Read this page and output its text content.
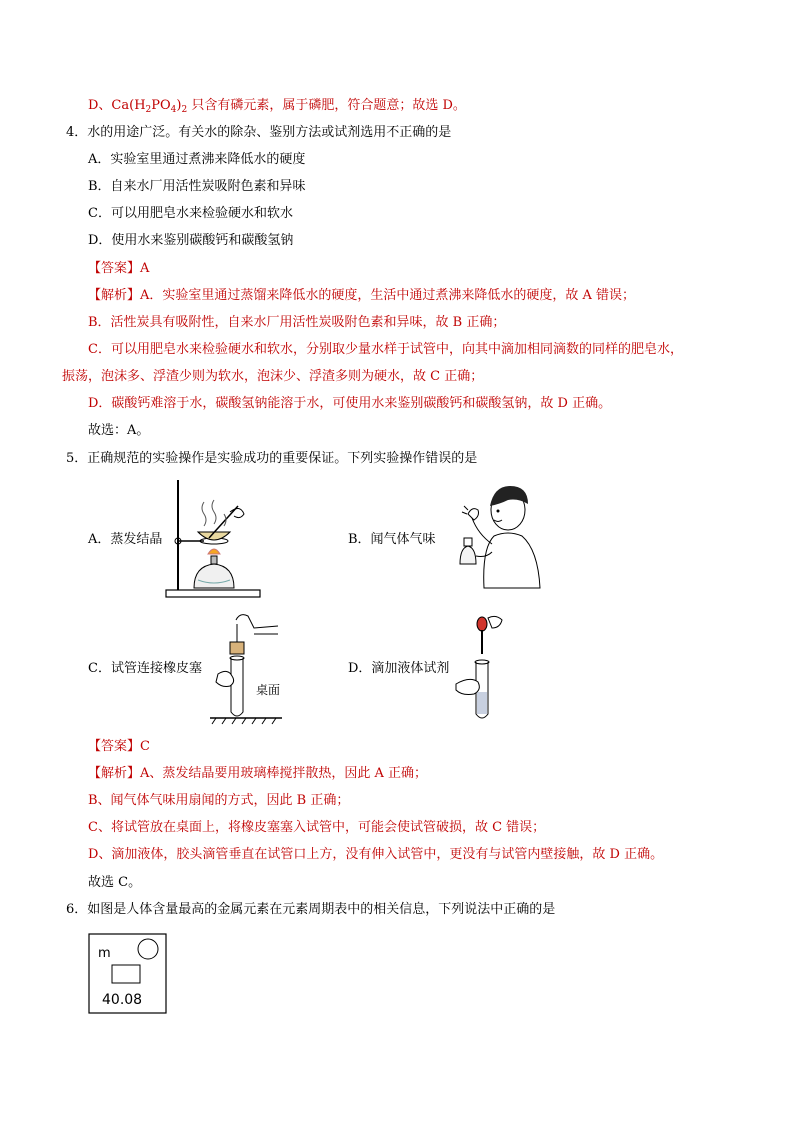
D、$Ca(H_2PO_4)_2$ 只含有磷元素，属于磷肥，符合题意；故选 D。
4．水的用途广泛。有关水的除杂、鉴别方法或试剂选用不正确的是
A．实验室里通过煮沸来降低水的硬度
B．自来水厂用活性炭吸附色素和异味
C．可以用肥皂水来检验硬水和软水
D．使用水来鉴别碳酸钙和碳酸氢钠
【答案】A
【解析】A．实验室里通过蒸馏来降低水的硬度，生活中通过煮沸来降低水的硬度，故 A 错误；
B．活性炭具有吸附性，自来水厂用活性炭吸附色素和异味，故 B 正确；
C．可以用肥皂水来检验硬水和软水，分别取少量水样于试管中，向其中滴加相同滴数的同样的肥皂水，
振荡，泡沫多、浮渣少则为软水，泡沫少、浮渣多则为硬水，故 C 正确；
D．碳酸钙难溶于水，碳酸氢钠能溶于水，可使用水来鉴别碳酸钙和碳酸氢钠，故 D 正确。
故选：A。
5．正确规范的实验操作是实验成功的重要保证。下列实验操作错误的是
A．蒸发结晶	B．闻气体气味
C．试管连接橡皮塞
桌面
D．滴加液体试剂
【答案】C
【解析】A、蒸发结晶要用玻璃棒搅拌散热，因此 A 正确；
B、闻气体气味用扇闻的方式，因此 B 正确；
C、将试管放在桌面上，将橡皮塞塞入试管中，可能会使试管破损，故 C 错误；
D、滴加液体，胶头滴管垂直在试管口上方，没有伸入试管中，更没有与试管内壁接触，故 D 正确。
故选 C。
6．如图是人体含量最高的金属元素在元素周期表中的相关信息，下列说法中正确的是
m
40.08
